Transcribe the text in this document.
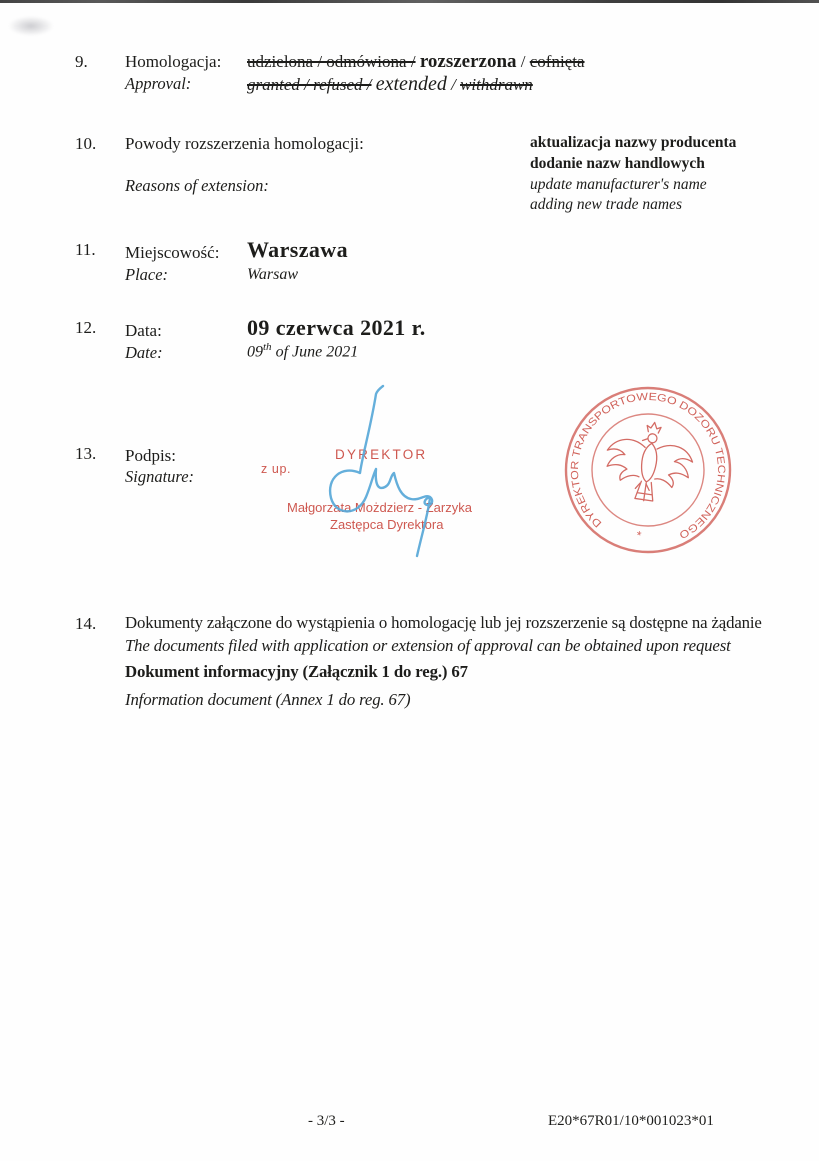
9. Homologacja:
Approval:
udzielona / odmówiona / rozszerzona / cofnięta
granted / refused / extended / withdrawn
10. Powody rozszerzenia homologacji:
Reasons of extension:
aktualizacja nazwy producenta
dodanie nazw handlowych
update manufacturer's name
adding new trade names
11. Miejscowość:
Place:
Warszawa
Warsaw
12. Data:
Date:
09 czerwca 2021 r.
09th of June 2021
13. Podpis:
Signature:	z up.
DYREKTOR
Małgorzata Możdzierz - Zarzyka
Zastępca Dyrektora	DYREKTOR TRANSPORTOWEGO DOZORU TECHNICZNEGO
*
14. Dokumenty załączone do wystąpienia o homologację lub jej rozszerzenie są dostępne na żądanie
The documents filed with application or extension of approval can be obtained upon request
Dokument informacyjny (Załącznik 1 do reg.) 67
Information document (Annex 1 do reg. 67)
- 3/3 -	E20*67R01/10*001023*01
